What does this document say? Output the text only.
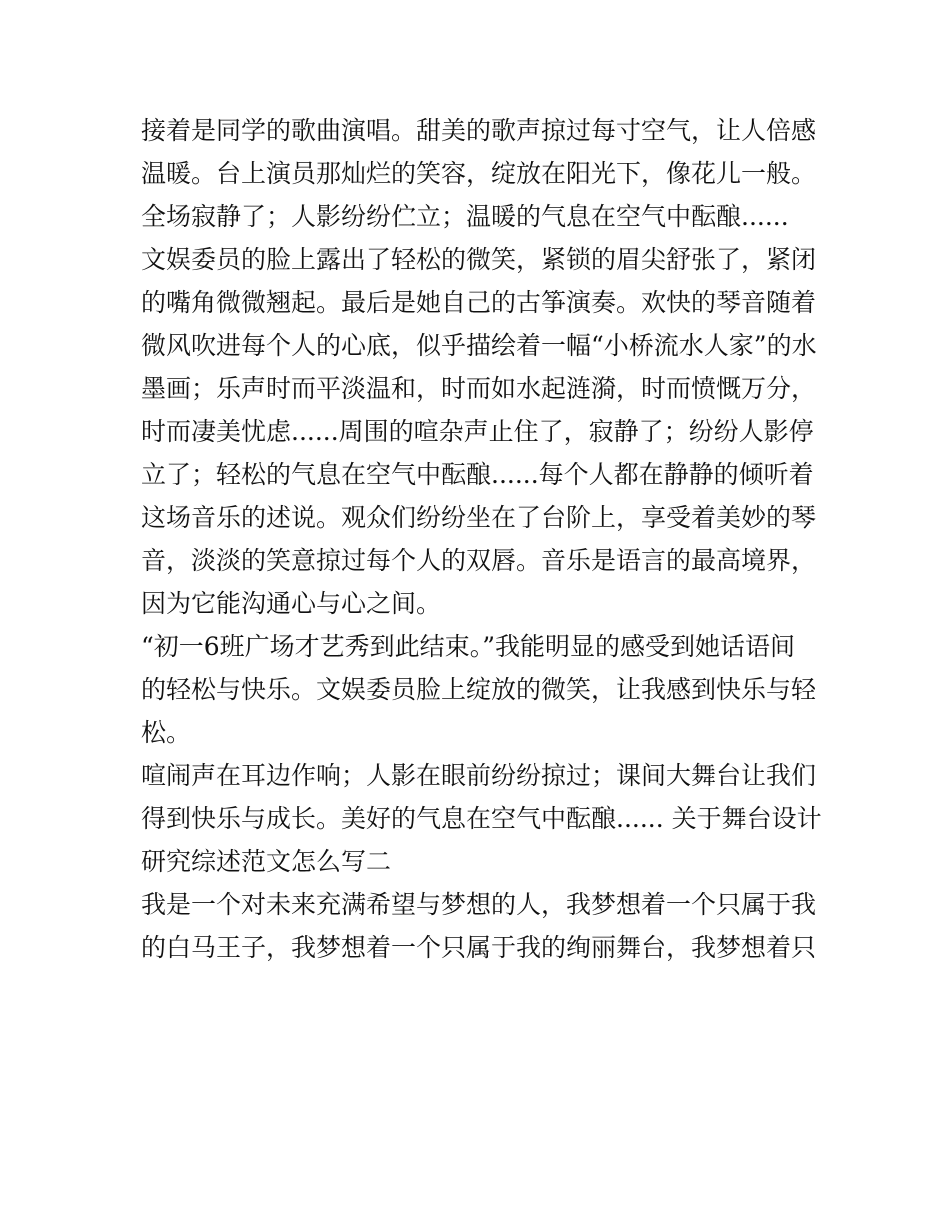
接着是同学的歌曲演唱。甜美的歌声掠过每寸空气，让人倍感
温暖。台上演员那灿烂的笑容，绽放在阳光下，像花儿一般。
全场寂静了；人影纷纷伫立；温暖的气息在空气中酝酿......
文娱委员的脸上露出了轻松的微笑，紧锁的眉尖舒张了，紧闭
的嘴角微微翘起。最后是她自己的古筝演奏。欢快的琴音随着
微风吹进每个人的心底，似乎描绘着一幅“小桥流水人家”的水
墨画；乐声时而平淡温和，时而如水起涟漪，时而愤慨万分，
时而凄美忧虑......周围的喧杂声止住了，寂静了；纷纷人影停
立了；轻松的气息在空气中酝酿......每个人都在静静的倾听着
这场音乐的述说。观众们纷纷坐在了台阶上，享受着美妙的琴
音，淡淡的笑意掠过每个人的双唇。音乐是语言的最高境界，
因为它能沟通心与心之间。
“初一6班广场才艺秀到此结束。”我能明显的感受到她话语间
的轻松与快乐。文娱委员脸上绽放的微笑，让我感到快乐与轻
松。
喧闹声在耳边作响；人影在眼前纷纷掠过；课间大舞台让我们
得到快乐与成长。美好的气息在空气中酝酿...... 关于舞台设计
研究综述范文怎么写二
我是一个对未来充满希望与梦想的人，我梦想着一个只属于我
的白马王子，我梦想着一个只属于我的绚丽舞台，我梦想着只
